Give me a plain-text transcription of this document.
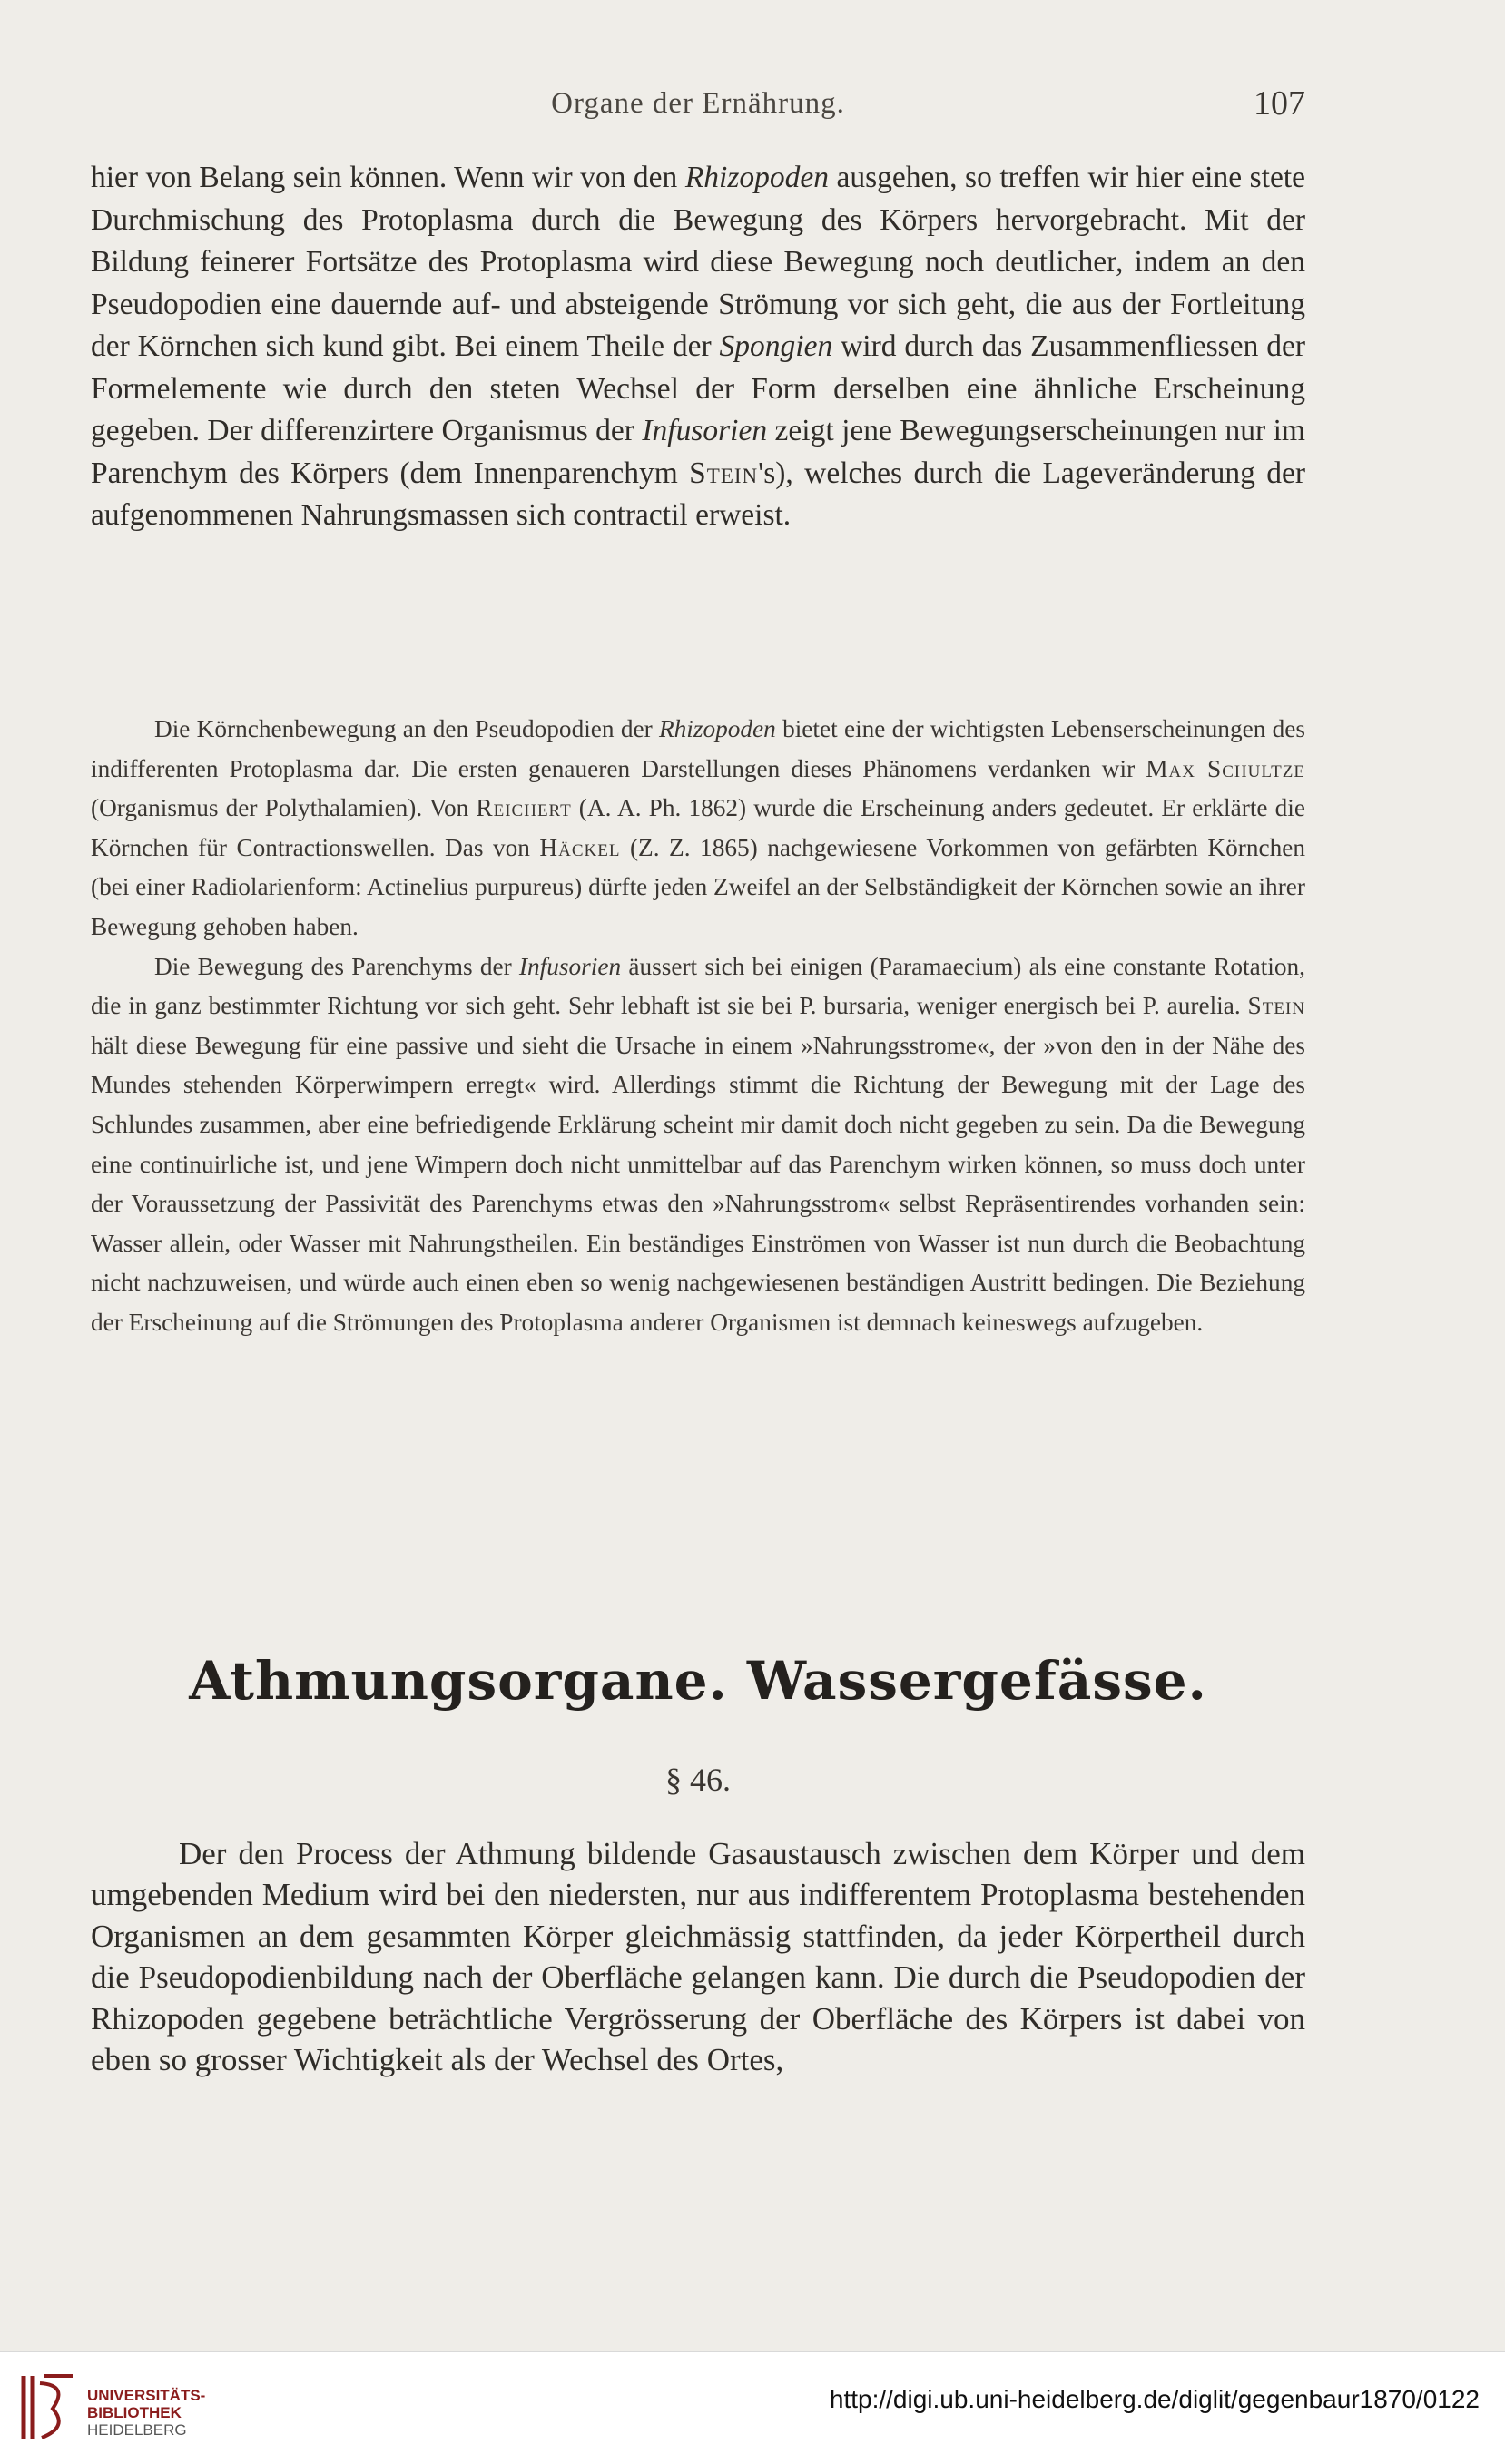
Organe der Ernährung.	107

hier von Belang sein können. Wenn wir von den Rhizopoden ausgehen, so treffen wir hier eine stete Durchmischung des Protoplasma durch die Bewegung des Körpers hervorgebracht. Mit der Bildung feinerer Fortsätze des Protoplasma wird diese Bewegung noch deutlicher, indem an den Pseudopodien eine dauernde auf- und absteigende Strömung vor sich geht, die aus der Fortleitung der Körnchen sich kund gibt. Bei einem Theile der Spongien wird durch das Zusammenfliessen der Formelemente wie durch den steten Wechsel der Form derselben eine ähnliche Erscheinung gegeben. Der differenzirtere Organismus der Infusorien zeigt jene Bewegungserscheinungen nur im Parenchym des Körpers (dem Innenparenchym Stein's), welches durch die Lageveränderung der aufgenommenen Nahrungsmassen sich contractil erweist.

Die Körnchenbewegung an den Pseudopodien der Rhizopoden bietet eine der wichtigsten Lebenserscheinungen des indifferenten Protoplasma dar. Die ersten genaueren Darstellungen dieses Phänomens verdanken wir Max Schultze (Organismus der Polythalamien). Von Reichert (A. A. Ph. 1862) wurde die Erscheinung anders gedeutet. Er erklärte die Körnchen für Contractionswellen. Das von Häckel (Z. Z. 1865) nachgewiesene Vorkommen von gefärbten Körnchen (bei einer Radiolarienform: Actinelius purpureus) dürfte jeden Zweifel an der Selbständigkeit der Körnchen sowie an ihrer Bewegung gehoben haben.

Die Bewegung des Parenchyms der Infusorien äussert sich bei einigen (Paramaecium) als eine constante Rotation, die in ganz bestimmter Richtung vor sich geht. Sehr lebhaft ist sie bei P. bursaria, weniger energisch bei P. aurelia. Stein hält diese Bewegung für eine passive und sieht die Ursache in einem »Nahrungsstrome«, der »von den in der Nähe des Mundes stehenden Körperwimpern erregt« wird. Allerdings stimmt die Richtung der Bewegung mit der Lage des Schlundes zusammen, aber eine befriedigende Erklärung scheint mir damit doch nicht gegeben zu sein. Da die Bewegung eine continuirliche ist, und jene Wimpern doch nicht unmittelbar auf das Parenchym wirken können, so muss doch unter der Voraussetzung der Passivität des Parenchyms etwas den »Nahrungsstrom« selbst Repräsentirendes vorhanden sein: Wasser allein, oder Wasser mit Nahrungstheilen. Ein beständiges Einströmen von Wasser ist nun durch die Beobachtung nicht nachzuweisen, und würde auch einen eben so wenig nachgewiesenen beständigen Austritt bedingen. Die Beziehung der Erscheinung auf die Strömungen des Protoplasma anderer Organismen ist demnach keineswegs aufzugeben.

Athmungsorgane. Wassergefässe.
§ 46.

Der den Process der Athmung bildende Gasaustausch zwischen dem Körper und dem umgebenden Medium wird bei den niedersten, nur aus indifferentem Protoplasma bestehenden Organismen an dem gesammten Körper gleichmässig stattfinden, da jeder Körpertheil durch die Pseudopodienbildung nach der Oberfläche gelangen kann. Die durch die Pseudopodien der Rhizopoden gegebene beträchtliche Vergrösserung der Oberfläche des Körpers ist dabei von eben so grosser Wichtigkeit als der Wechsel des Ortes,

UNIVERSITÄTS-
BIBLIOTHEK
HEIDELBERG
http://digi.ub.uni-heidelberg.de/diglit/gegenbaur1870/0122
